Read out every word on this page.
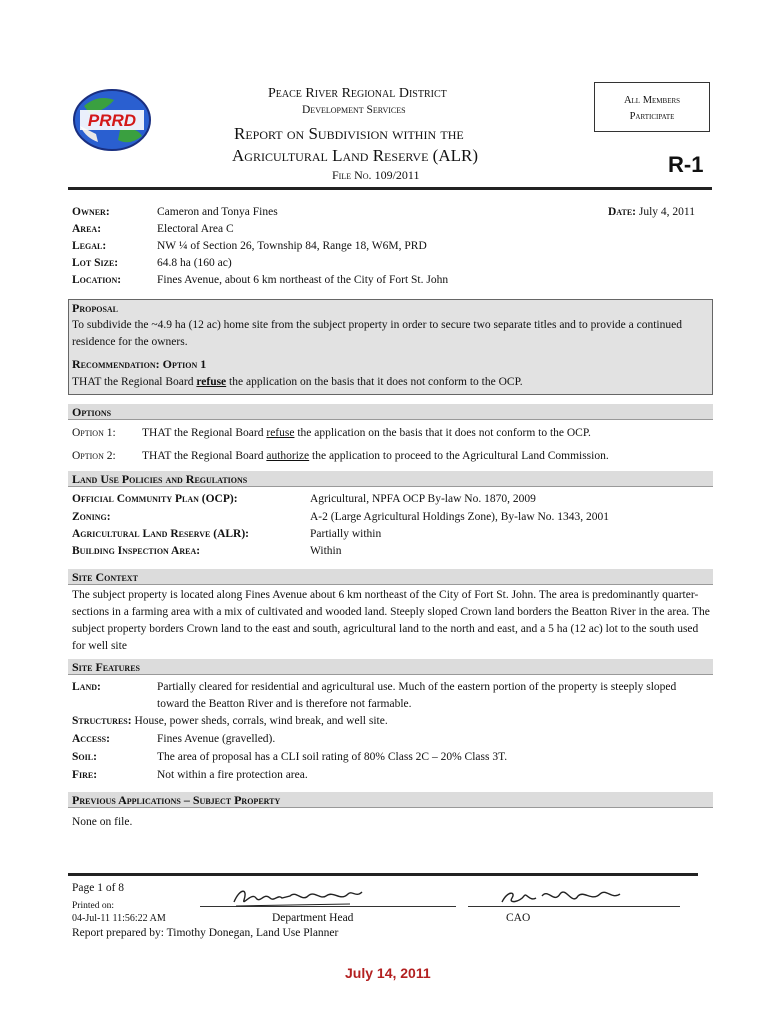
PRRD
Peace River Regional District
Development Services
Report on Subdivision within the
Agricultural Land Reserve (ALR)
File No. 109/2011
All Members
Participate
R-1
Date: July 4, 2011
Owner:	Cameron and Tonya Fines
Area:	Electoral Area C
Legal:	NW ¼ of Section 26, Township 84, Range 18, W6M, PRD
Lot Size:	64.8 ha (160 ac)
Location:	Fines Avenue, about 6 km northeast of the City of Fort St. John
Proposal
To subdivide the ~4.9 ha (12 ac) home site from the subject property in order to secure two separate titles and to provide a continued residence for the owners.
Recommendation: Option 1
THAT the Regional Board refuse the application on the basis that it does not conform to the OCP.
Options
Option 1: THAT the Regional Board refuse the application on the basis that it does not conform to the OCP.
Option 2: THAT the Regional Board authorize the application to proceed to the Agricultural Land Commission.
Land Use Policies and Regulations
Official Community Plan (OCP):	Agricultural, NPFA OCP By-law No. 1870, 2009
Zoning:	A-2 (Large Agricultural Holdings Zone), By-law No. 1343, 2001
Agricultural Land Reserve (ALR):	Partially within
Building Inspection Area:	Within
Site Context
The subject property is located along Fines Avenue about 6 km northeast of the City of Fort St. John. The area is predominantly quarter-sections in a farming area with a mix of cultivated and wooded land. Steeply sloped Crown land borders the Beatton River in the area. The subject property borders Crown land to the east and south, agricultural land to the north and east, and a 5 ha (12 ac) lot to the south used for well site
Site Features
Land:	Partially cleared for residential and agricultural use. Much of the eastern portion of the property is steeply sloped toward the Beatton River and is therefore not farmable.
Structures: House, power sheds, corrals, wind break, and well site.
Access:	Fines Avenue (gravelled).
Soil:	The area of proposal has a CLI soil rating of 80% Class 2C – 20% Class 3T.
Fire:	Not within a fire protection area.
Previous Applications – Subject Property
None on file.
Page 1 of 8
Printed on:
04-Jul-11 11:56:22 AM	Department Head	CAO
Report prepared by: Timothy Donegan, Land Use Planner
July 14, 2011
